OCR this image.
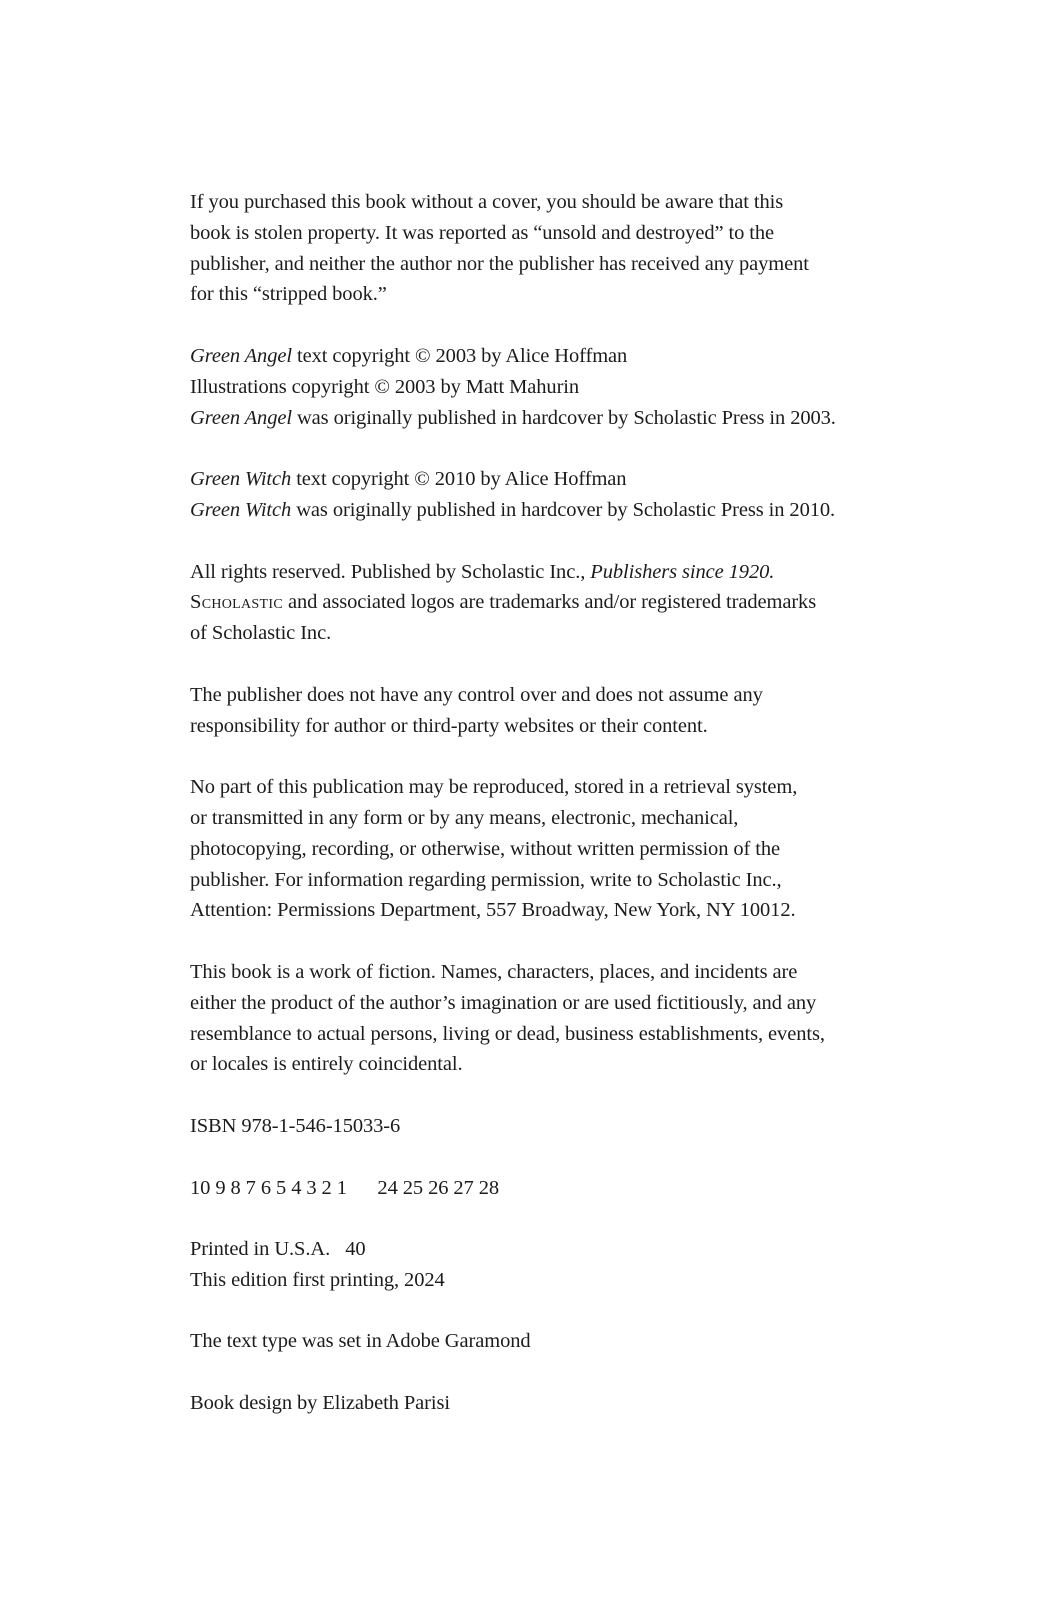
If you purchased this book without a cover, you should be aware that this
book is stolen property. It was reported as “unsold and destroyed” to the
publisher, and neither the author nor the publisher has received any payment
for this “stripped book.”

Green Angel text copyright © 2003 by Alice Hoffman
Illustrations copyright © 2003 by Matt Mahurin
Green Angel was originally published in hardcover by Scholastic Press in 2003.

Green Witch text copyright © 2010 by Alice Hoffman
Green Witch was originally published in hardcover by Scholastic Press in 2010.

All rights reserved. Published by Scholastic Inc., Publishers since 1920.
Scholastic and associated logos are trademarks and/or registered trademarks
of Scholastic Inc.

The publisher does not have any control over and does not assume any
responsibility for author or third-party websites or their content.

No part of this publication may be reproduced, stored in a retrieval system,
or transmitted in any form or by any means, electronic, mechanical,
photocopying, recording, or otherwise, without written permission of the
publisher. For information regarding permission, write to Scholastic Inc.,
Attention: Permissions Department, 557 Broadway, New York, NY 10012.

This book is a work of fiction. Names, characters, places, and incidents are
either the product of the author’s imagination or are used fictitiously, and any
resemblance to actual persons, living or dead, business establishments, events,
or locales is entirely coincidental.

ISBN 978-1-546-15033-6

10 9 8 7 6 5 4 3 2 1  24 25 26 27 28

Printed in U.S.A.  40
This edition first printing, 2024

The text type was set in Adobe Garamond

Book design by Elizabeth Parisi
